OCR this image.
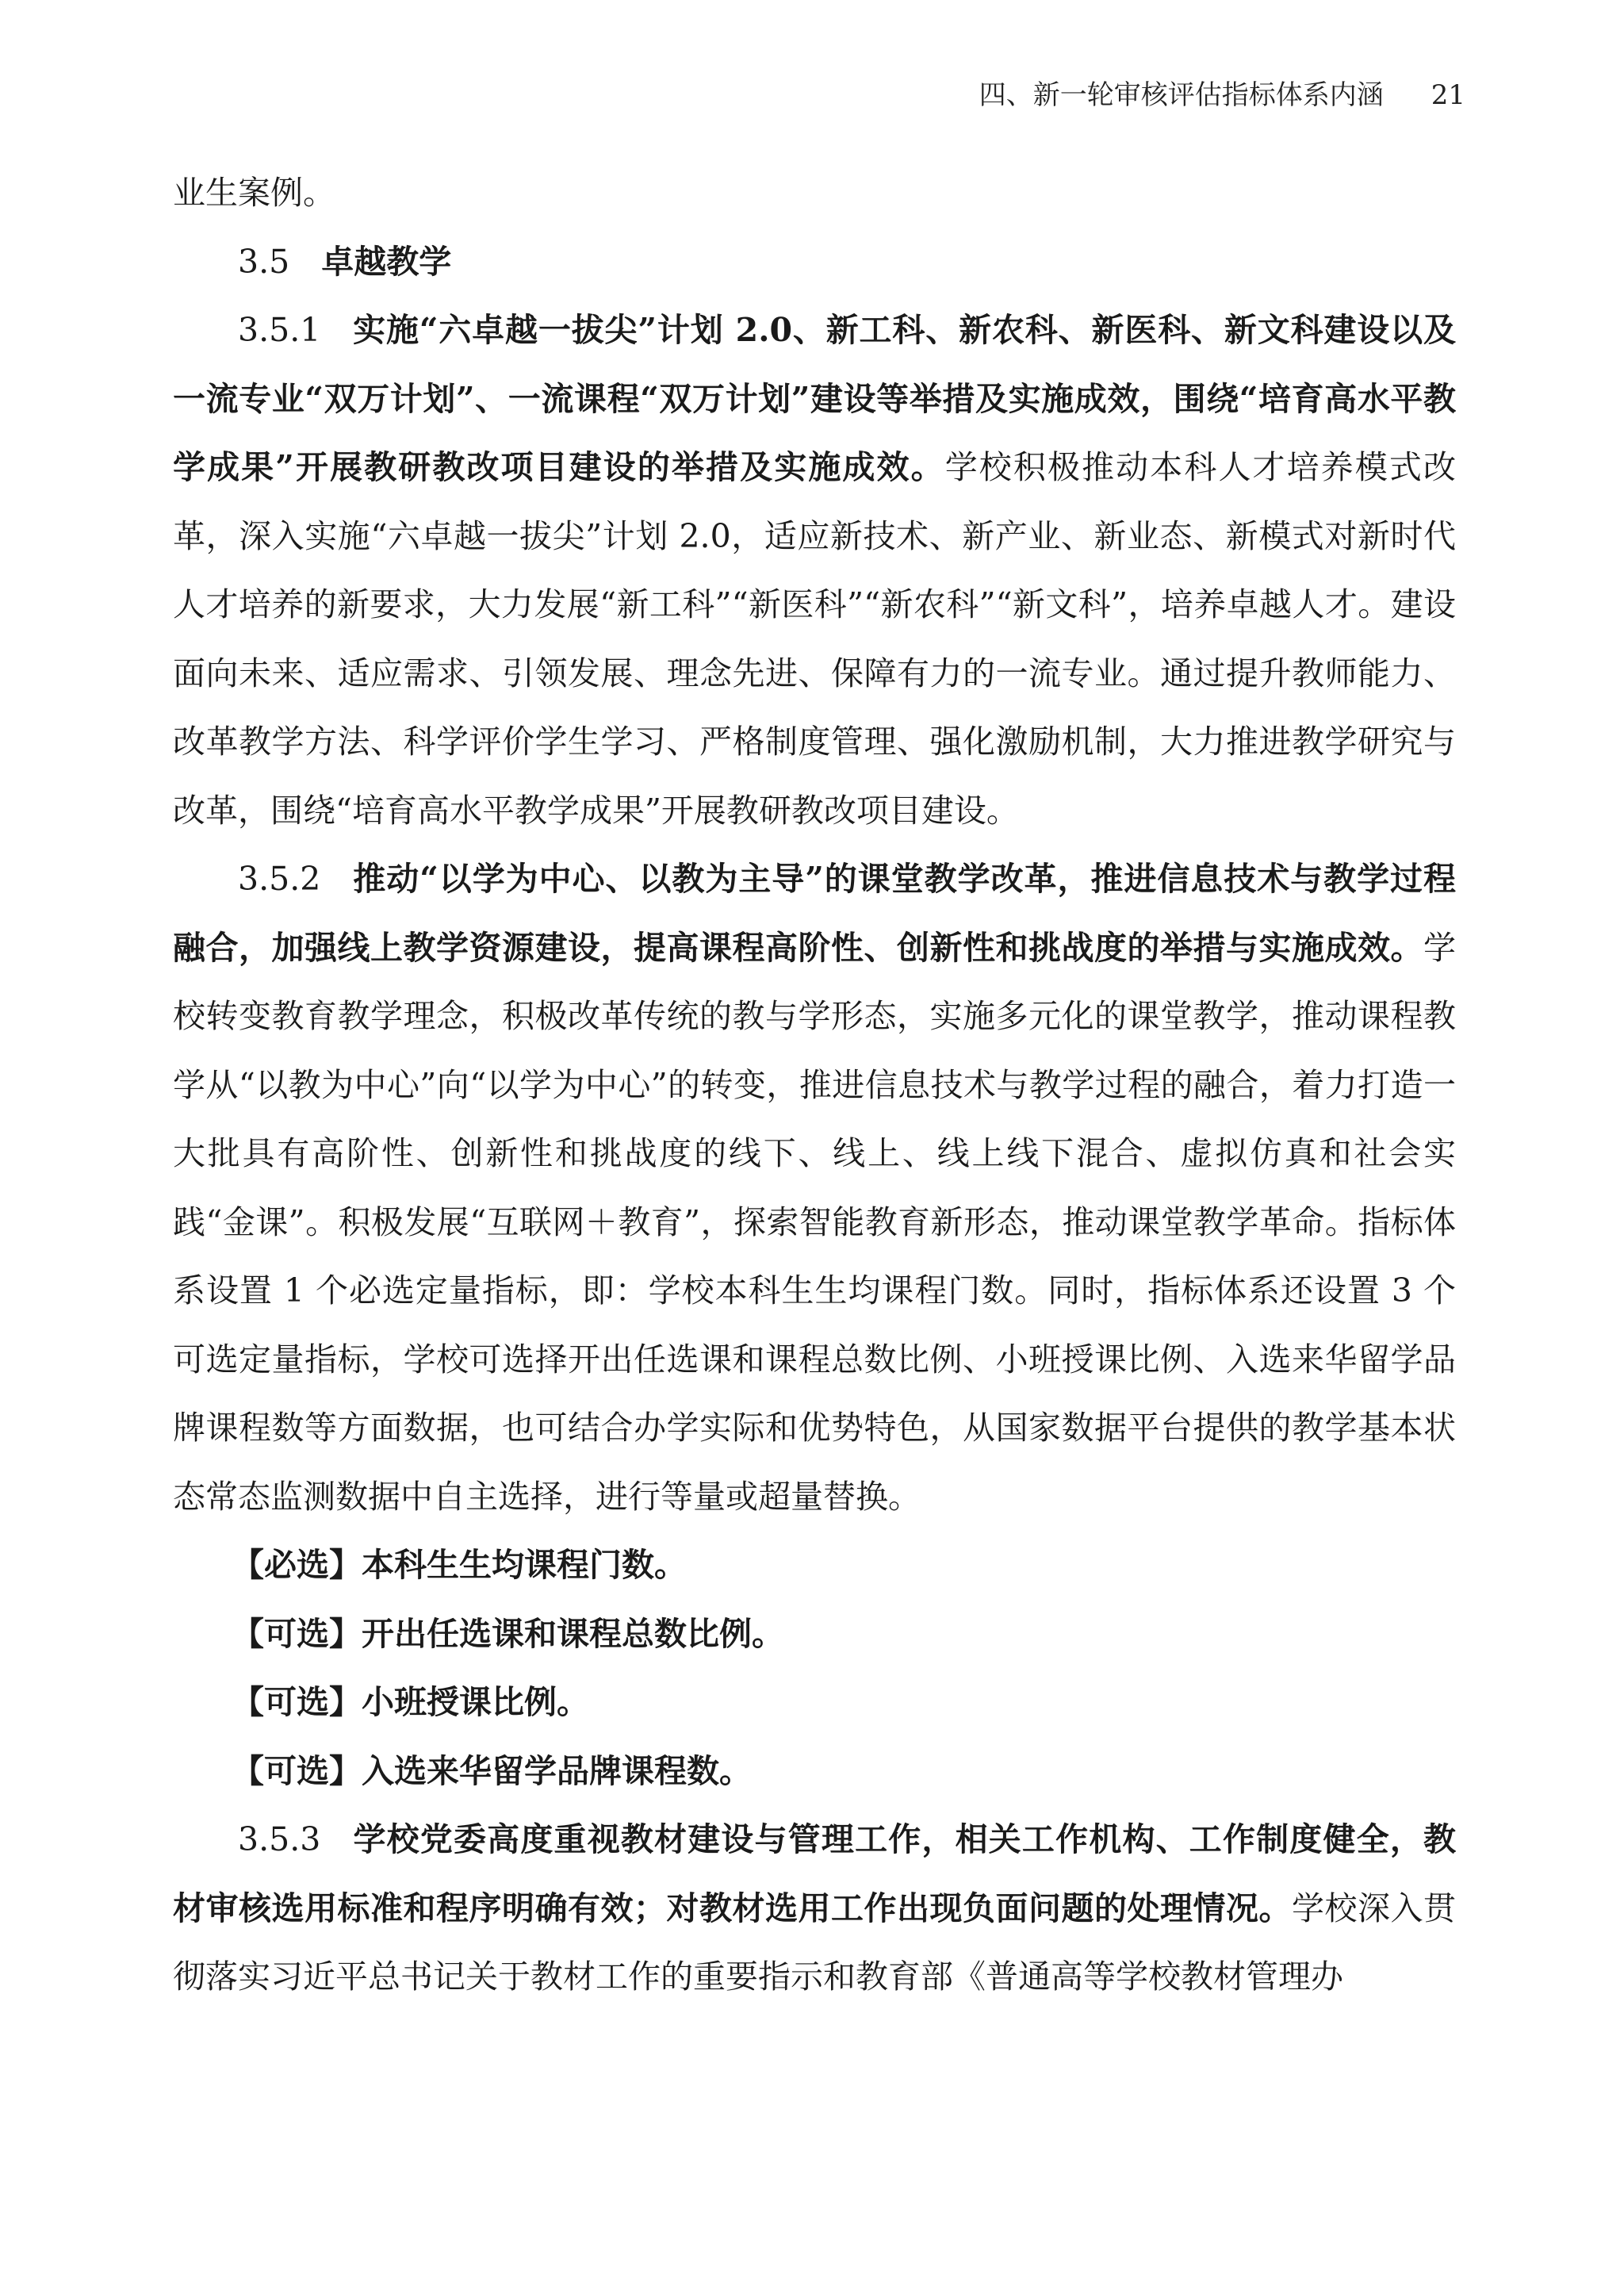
四、新一轮审核评估指标体系内涵 21

业生案例。

3.5 卓越教学

3.5.1 实施“六卓越一拔尖”计划 2.0、新工科、新农科、新医科、新文科建设以及一流专业“双万计划”、一流课程“双万计划”建设等举措及实施成效，围绕“培育高水平教学成果”开展教研教改项目建设的举措及实施成效。学校积极推动本科人才培养模式改革，深入实施“六卓越一拔尖”计划 2.0，适应新技术、新产业、新业态、新模式对新时代人才培养的新要求，大力发展“新工科”“新医科”“新农科”“新文科”，培养卓越人才。建设面向未来、适应需求、引领发展、理念先进、保障有力的一流专业。通过提升教师能力、改革教学方法、科学评价学生学习、严格制度管理、强化激励机制，大力推进教学研究与改革，围绕“培育高水平教学成果”开展教研教改项目建设。

3.5.2 推动“以学为中心、以教为主导”的课堂教学改革，推进信息技术与教学过程融合，加强线上教学资源建设，提高课程高阶性、创新性和挑战度的举措与实施成效。学校转变教育教学理念，积极改革传统的教与学形态，实施多元化的课堂教学，推动课程教学从“以教为中心”向“以学为中心”的转变，推进信息技术与教学过程的融合，着力打造一大批具有高阶性、创新性和挑战度的线下、线上、线上线下混合、虚拟仿真和社会实践“金课”。积极发展“互联网＋教育”，探索智能教育新形态，推动课堂教学革命。指标体系设置 1 个必选定量指标，即：学校本科生生均课程门数。同时，指标体系还设置 3 个可选定量指标，学校可选择开出任选课和课程总数比例、小班授课比例、入选来华留学品牌课程数等方面数据，也可结合办学实际和优势特色，从国家数据平台提供的教学基本状态常态监测数据中自主选择，进行等量或超量替换。

【必选】本科生生均课程门数。

【可选】开出任选课和课程总数比例。

【可选】小班授课比例。

【可选】入选来华留学品牌课程数。

3.5.3 学校党委高度重视教材建设与管理工作，相关工作机构、工作制度健全，教材审核选用标准和程序明确有效；对教材选用工作出现负面问题的处理情况。学校深入贯彻落实习近平总书记关于教材工作的重要指示和教育部《普通高等学校教材管理办
